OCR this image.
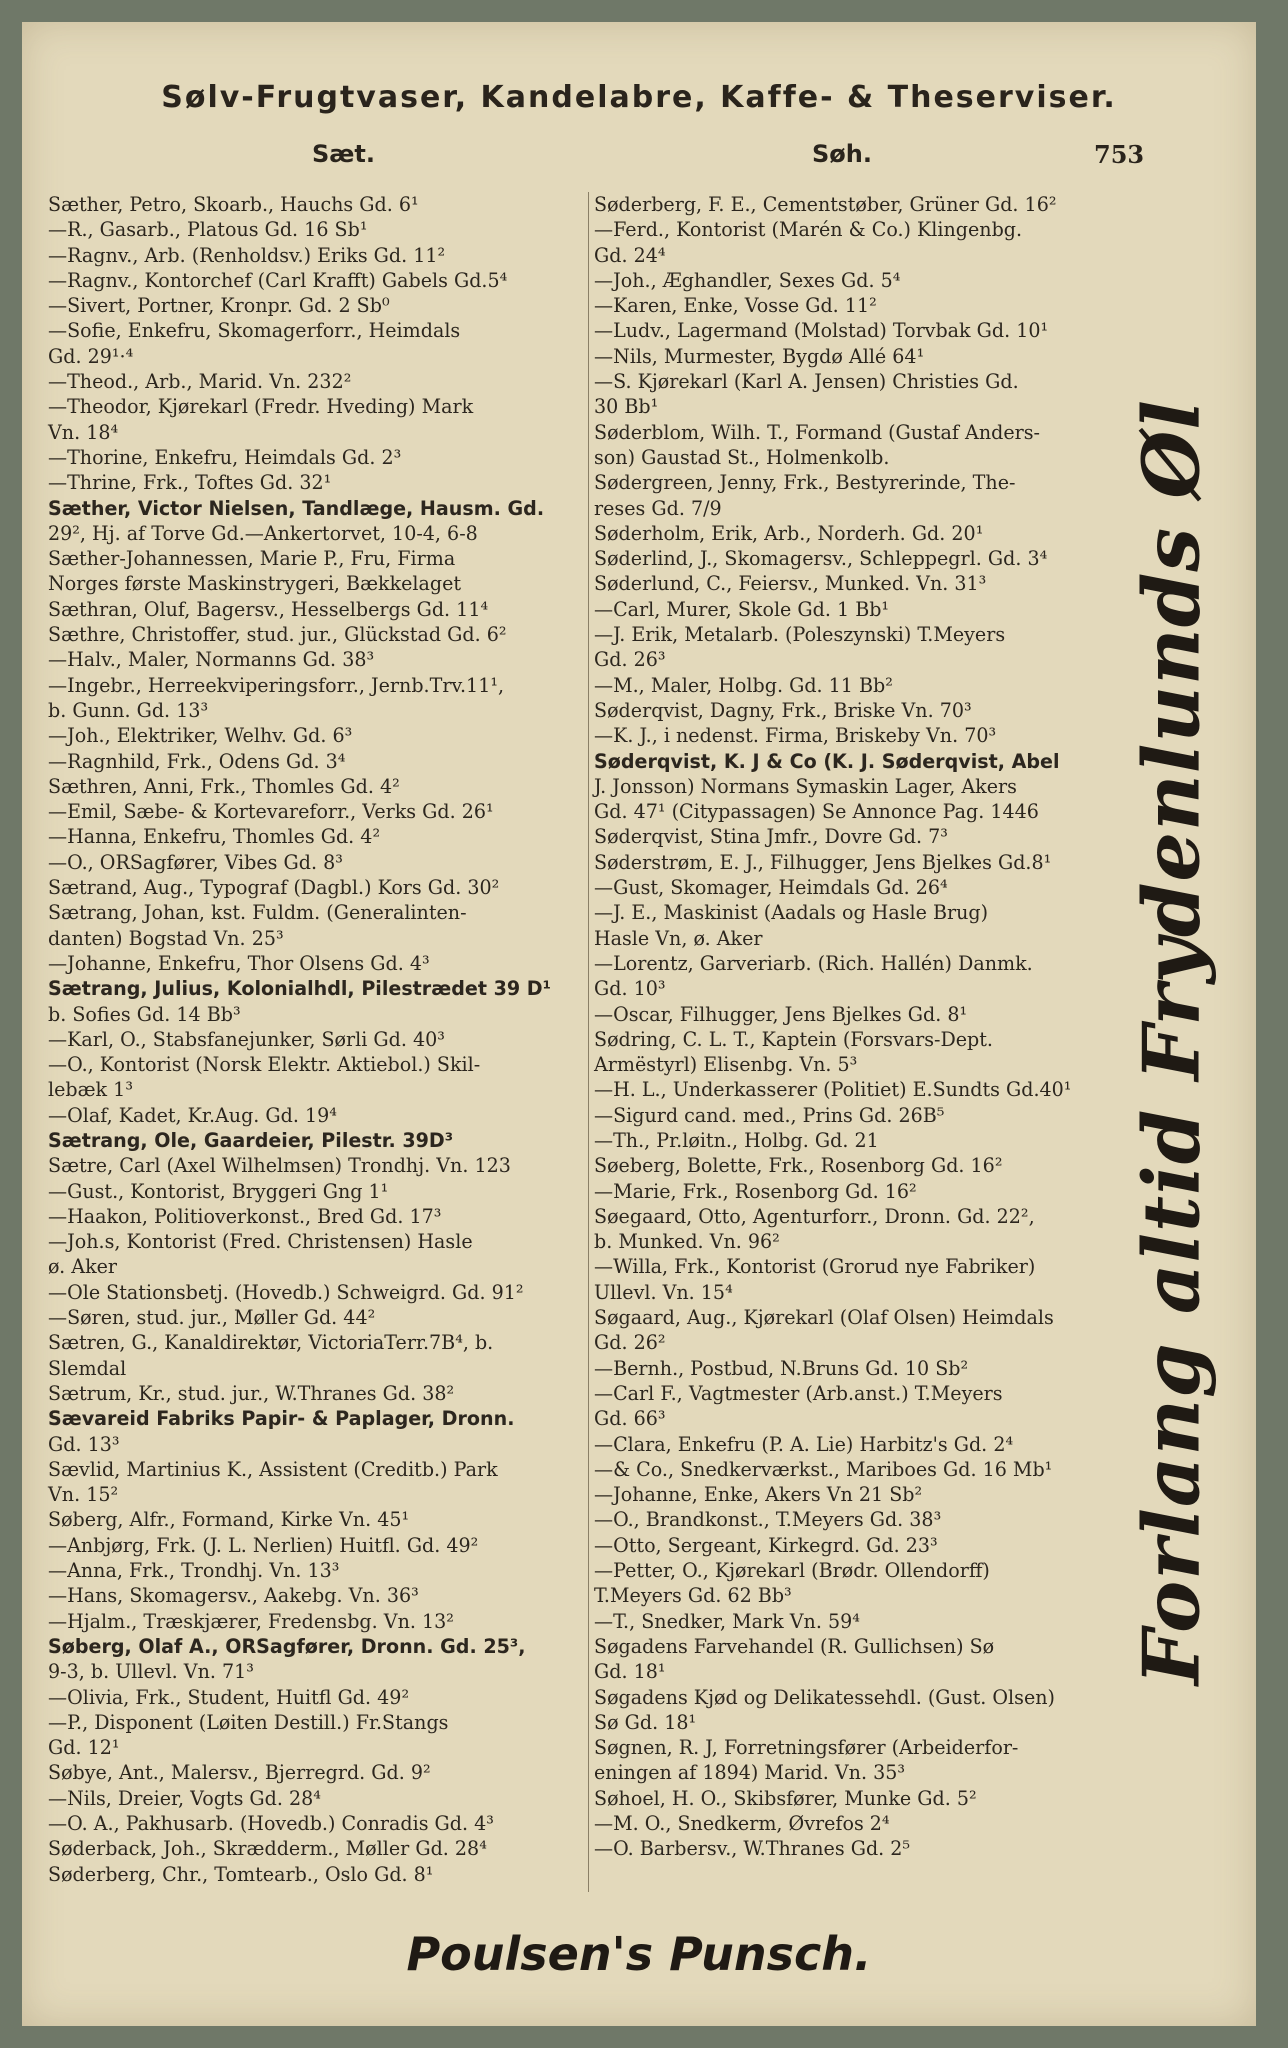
Sølv-Frugtvaser, Kandelabre, Kaffe- & Theserviser.
Sæt.	Søh.	753
Sæther, Petro, Skoarb., Hauchs Gd. 6¹
—R., Gasarb., Platous Gd. 16 Sb¹
—Ragnv., Arb. (Renholdsv.) Eriks Gd. 11²
—Ragnv., Kontorchef (Carl Krafft) Gabels Gd.5⁴
—Sivert, Portner, Kronpr. Gd. 2 Sb⁰
—Sofie, Enkefru, Skomagerforr., Heimdals
Gd. 29¹·⁴
—Theod., Arb., Marid. Vn. 232²
—Theodor, Kjørekarl (Fredr. Hveding) Mark
Vn. 18⁴
—Thorine, Enkefru, Heimdals Gd. 2³
—Thrine, Frk., Toftes Gd. 32¹
Sæther, Victor Nielsen, Tandlæge, Hausm. Gd.
29², Hj. af Torve Gd.—Ankertorvet, 10-4, 6-8
Sæther-Johannessen, Marie P., Fru, Firma
Norges første Maskinstrygeri, Bækkelaget
Sæthran, Oluf, Bagersv., Hesselbergs Gd. 11⁴
Sæthre, Christoffer, stud. jur., Glückstad Gd. 6²
—Halv., Maler, Normanns Gd. 38³
—Ingebr., Herreekviperingsforr., Jernb.Trv.11¹,
b. Gunn. Gd. 13³
—Joh., Elektriker, Welhv. Gd. 6³
—Ragnhild, Frk., Odens Gd. 3⁴
Sæthren, Anni, Frk., Thomles Gd. 4²
—Emil, Sæbe- & Kortevareforr., Verks Gd. 26¹
—Hanna, Enkefru, Thomles Gd. 4²
—O., ORSagfører, Vibes Gd. 8³
Sætrand, Aug., Typograf (Dagbl.) Kors Gd. 30²
Sætrang, Johan, kst. Fuldm. (Generalinten-
danten) Bogstad Vn. 25³
—Johanne, Enkefru, Thor Olsens Gd. 4³
Sætrang, Julius, Kolonialhdl, Pilestrædet 39 D¹
b. Sofies Gd. 14 Bb³
—Karl, O., Stabsfanejunker, Sørli Gd. 40³
—O., Kontorist (Norsk Elektr. Aktiebol.) Skil-
lebæk 1³
—Olaf, Kadet, Kr.Aug. Gd. 19⁴
Sætrang, Ole, Gaardeier, Pilestr. 39D³
Sætre, Carl (Axel Wilhelmsen) Trondhj. Vn. 123
—Gust., Kontorist, Bryggeri Gng 1¹
—Haakon, Politioverkonst., Bred Gd. 17³
—Joh.s, Kontorist (Fred. Christensen) Hasle
ø. Aker
—Ole Stationsbetj. (Hovedb.) Schweigrd. Gd. 91²
—Søren, stud. jur., Møller Gd. 44²
Sætren, G., Kanaldirektør, VictoriaTerr.7B⁴, b.
Slemdal
Sætrum, Kr., stud. jur., W.Thranes Gd. 38²
Sævareid Fabriks Papir- & Paplager, Dronn.
Gd. 13³
Sævlid, Martinius K., Assistent (Creditb.) Park
Vn. 15²
Søberg, Alfr., Formand, Kirke Vn. 45¹
—Anbjørg, Frk. (J. L. Nerlien) Huitfl. Gd. 49²
—Anna, Frk., Trondhj. Vn. 13³
—Hans, Skomagersv., Aakebg. Vn. 36³
—Hjalm., Træskjærer, Fredensbg. Vn. 13²
Søberg, Olaf A., ORSagfører, Dronn. Gd. 25³,
9-3, b. Ullevl. Vn. 71³
—Olivia, Frk., Student, Huitfl Gd. 49²
—P., Disponent (Løiten Destill.) Fr.Stangs
Gd. 12¹
Søbye, Ant., Malersv., Bjerregrd. Gd. 9²
—Nils, Dreier, Vogts Gd. 28⁴
—O. A., Pakhusarb. (Hovedb.) Conradis Gd. 4³
Søderback, Joh., Skrædderm., Møller Gd. 28⁴
Søderberg, Chr., Tomtearb., Oslo Gd. 8¹
Søderberg, F. E., Cementstøber, Grüner Gd. 16²
—Ferd., Kontorist (Marén & Co.) Klingenbg.
Gd. 24⁴
—Joh., Æghandler, Sexes Gd. 5⁴
—Karen, Enke, Vosse Gd. 11²
—Ludv., Lagermand (Molstad) Torvbak Gd. 10¹
—Nils, Murmester, Bygdø Allé 64¹
—S. Kjørekarl (Karl A. Jensen) Christies Gd.
30 Bb¹
Søderblom, Wilh. T., Formand (Gustaf Anders-
son) Gaustad St., Holmenkolb.
Sødergreen, Jenny, Frk., Bestyrerinde, The-
reses Gd. 7/9
Søderholm, Erik, Arb., Norderh. Gd. 20¹
Søderlind, J., Skomagersv., Schleppegrl. Gd. 3⁴
Søderlund, C., Feiersv., Munked. Vn. 31³
—Carl, Murer, Skole Gd. 1 Bb¹
—J. Erik, Metalarb. (Poleszynski) T.Meyers
Gd. 26³
—M., Maler, Holbg. Gd. 11 Bb²
Søderqvist, Dagny, Frk., Briske Vn. 70³
—K. J., i nedenst. Firma, Briskeby Vn. 70³
Søderqvist, K. J & Co (K. J. Søderqvist, Abel
J. Jonsson) Normans Symaskin Lager, Akers
Gd. 47¹ (Citypassagen) Se Annonce Pag. 1446
Søderqvist, Stina Jmfr., Dovre Gd. 7³
Søderstrøm, E. J., Filhugger, Jens Bjelkes Gd.8¹
—Gust, Skomager, Heimdals Gd. 26⁴
—J. E., Maskinist (Aadals og Hasle Brug)
Hasle Vn, ø. Aker
—Lorentz, Garveriarb. (Rich. Hallén) Danmk.
Gd. 10³
—Oscar, Filhugger, Jens Bjelkes Gd. 8¹
Sødring, C. L. T., Kaptein (Forsvars-Dept.
Armëstyrl) Elisenbg. Vn. 5³
—H. L., Underkasserer (Politiet) E.Sundts Gd.40¹
—Sigurd cand. med., Prins Gd. 26B⁵
—Th., Pr.løitn., Holbg. Gd. 21
Søeberg, Bolette, Frk., Rosenborg Gd. 16²
—Marie, Frk., Rosenborg Gd. 16²
Søegaard, Otto, Agenturforr., Dronn. Gd. 22²,
b. Munked. Vn. 96²
—Willa, Frk., Kontorist (Grorud nye Fabriker)
Ullevl. Vn. 15⁴
Søgaard, Aug., Kjørekarl (Olaf Olsen) Heimdals
Gd. 26²
—Bernh., Postbud, N.Bruns Gd. 10 Sb²
—Carl F., Vagtmester (Arb.anst.) T.Meyers
Gd. 66³
—Clara, Enkefru (P. A. Lie) Harbitz's Gd. 2⁴
—& Co., Snedkerværkst., Mariboes Gd. 16 Mb¹
—Johanne, Enke, Akers Vn 21 Sb²
—O., Brandkonst., T.Meyers Gd. 38³
—Otto, Sergeant, Kirkegrd. Gd. 23³
—Petter, O., Kjørekarl (Brødr. Ollendorff)
T.Meyers Gd. 62 Bb³
—T., Snedker, Mark Vn. 59⁴
Søgadens Farvehandel (R. Gullichsen) Sø
Gd. 18¹
Søgadens Kjød og Delikatessehdl. (Gust. Olsen)
Sø Gd. 18¹
Søgnen, R. J, Forretningsfører (Arbeiderfor-
eningen af 1894) Marid. Vn. 35³
Søhoel, H. O., Skibsfører, Munke Gd. 5²
—M. O., Snedkerm, Øvrefos 2⁴
—O. Barbersv., W.Thranes Gd. 2⁵
Forlang altid Frydenlunds Øl
Poulsen's Punsch.
